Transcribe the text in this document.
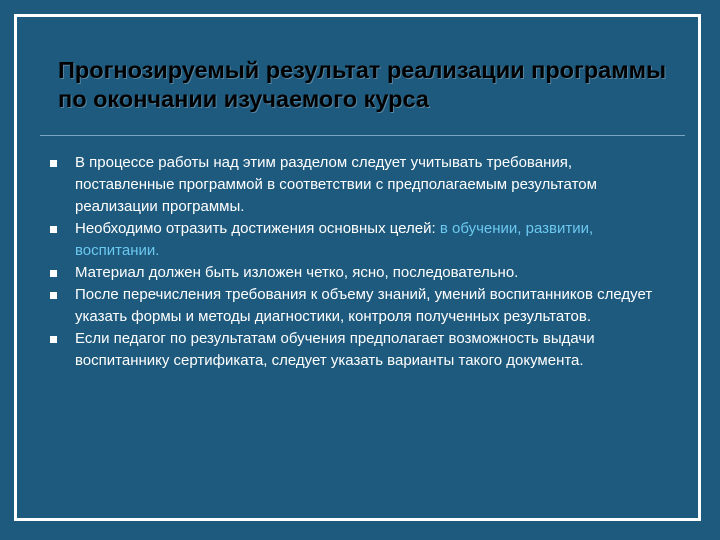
Прогнозируемый результат реализации программы по окончании изучаемого курса
В процессе работы над этим разделом следует учитывать требования, поставленные программой в соответствии с предполагаемым результатом реализации программы.
Необходимо отразить достижения основных целей: в обучении, развитии, воспитании.
Материал должен быть изложен четко, ясно, последовательно.
После перечисления требования к объему знаний, умений воспитанников следует указать формы и методы диагностики, контроля полученных результатов.
Если педагог по результатам обучения предполагает возможность выдачи воспитаннику сертификата, следует указать варианты такого документа.
